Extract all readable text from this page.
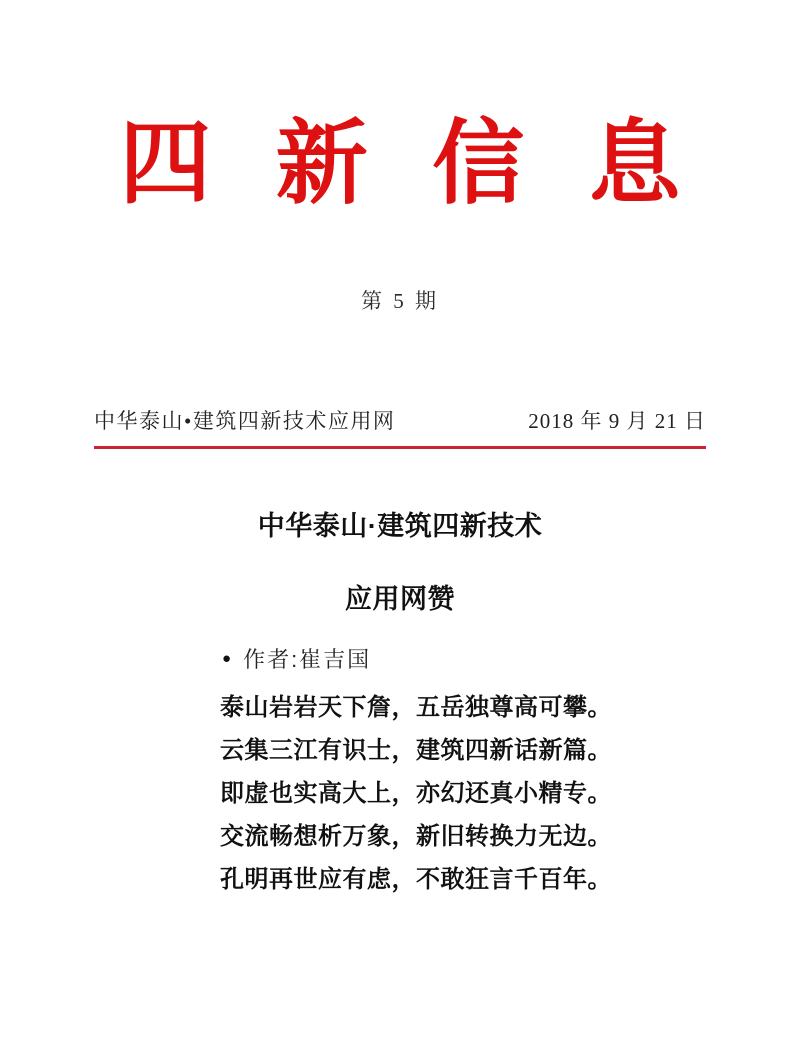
四新信息
第 5 期
中华泰山•建筑四新技术应用网	2018 年 9 月 21 日
中华泰山·建筑四新技术
应用网赞
● 作者:崔吉国
泰山岩岩天下詹，五岳独尊高可攀。
云集三江有识士，建筑四新话新篇。
即虚也实高大上，亦幻还真小精专。
交流畅想析万象，新旧转换力无边。
孔明再世应有虑，不敢狂言千百年。
